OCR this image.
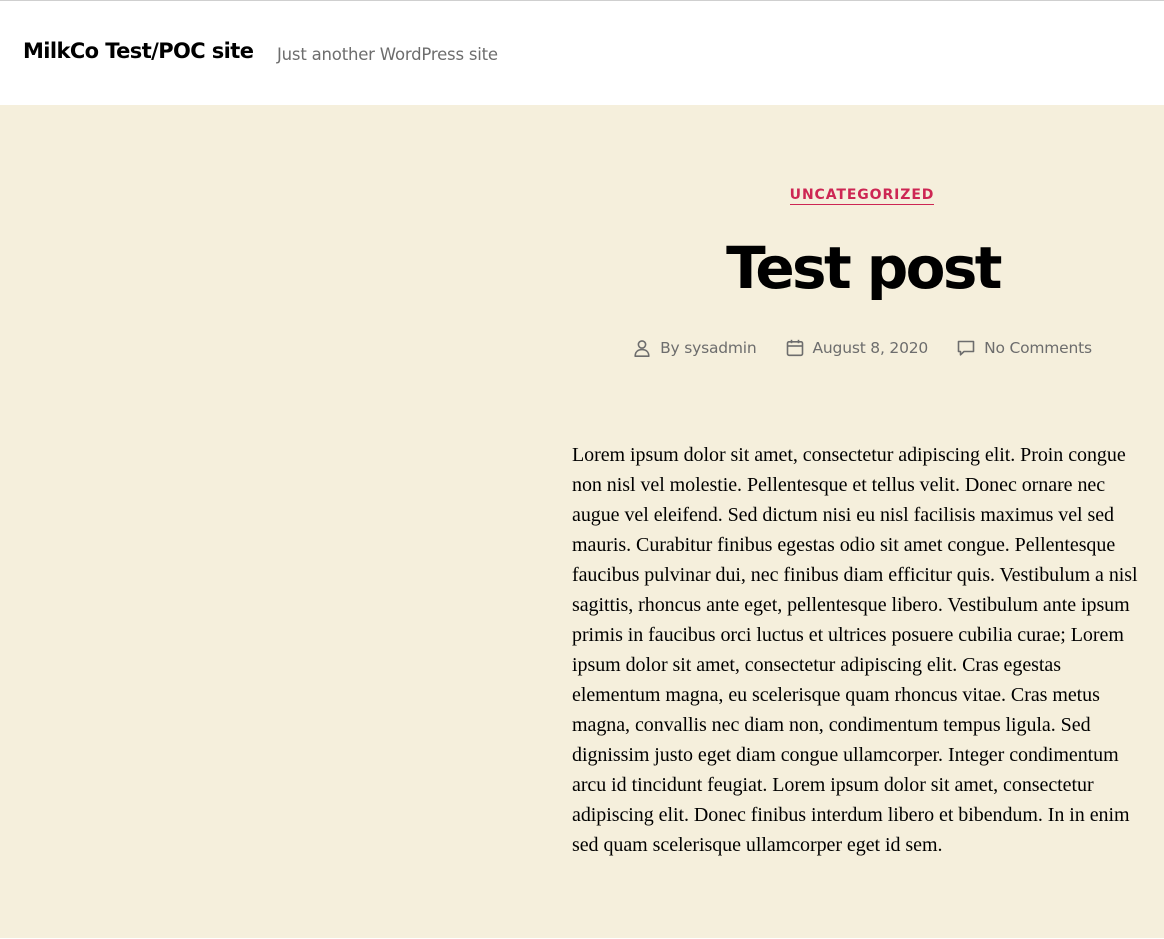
MilkCo Test/POC site Just another WordPress site

UNCATEGORIZED
Test post
By sysadmin	August 8, 2020	No Comments

Lorem ipsum dolor sit amet, consectetur adipiscing elit. Proin congue non nisl vel molestie. Pellentesque et tellus velit. Donec ornare nec augue vel eleifend. Sed dictum nisi eu nisl facilisis maximus vel sed mauris. Curabitur finibus egestas odio sit amet congue. Pellentesque faucibus pulvinar dui, nec finibus diam efficitur quis. Vestibulum a nisl sagittis, rhoncus ante eget, pellentesque libero. Vestibulum ante ipsum primis in faucibus orci luctus et ultrices posuere cubilia curae; Lorem ipsum dolor sit amet, consectetur adipiscing elit. Cras egestas elementum magna, eu scelerisque quam rhoncus vitae. Cras metus magna, convallis nec diam non, condimentum tempus ligula. Sed dignissim justo eget diam congue ullamcorper. Integer condimentum arcu id tincidunt feugiat. Lorem ipsum dolor sit amet, consectetur adipiscing elit. Donec finibus interdum libero et bibendum. In in enim sed quam scelerisque ullamcorper eget id sem.
